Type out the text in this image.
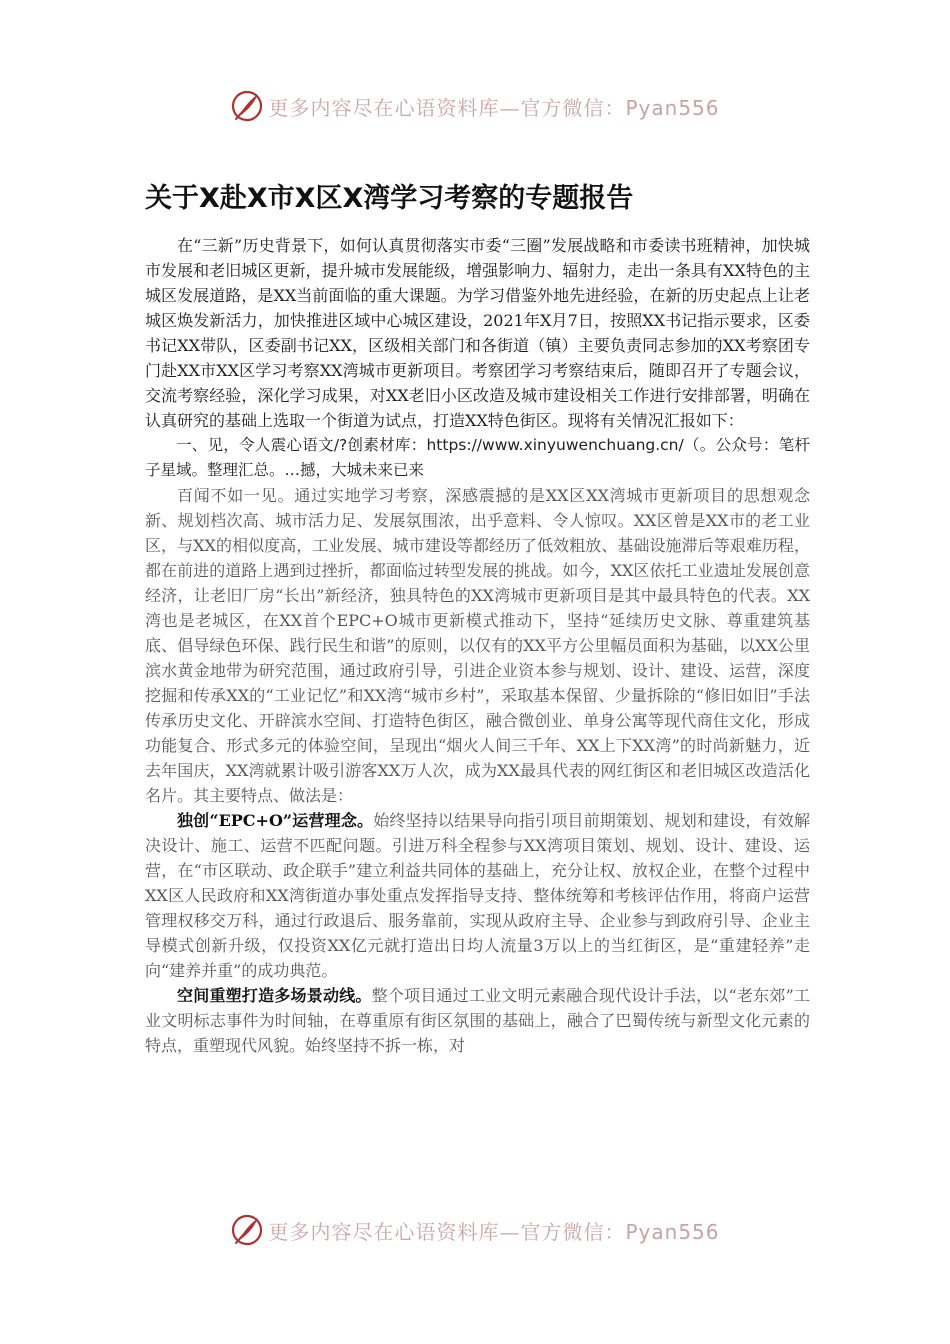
更多内容尽在心语资料库—官方微信：Pyan556
关于X赴X市X区X湾学习考察的专题报告

在“三新”历史背景下，如何认真贯彻落实市委“三圈”发展战略和市委读书班精神，加快城市发展和老旧城区更新，提升城市发展能级，增强影响力、辐射力，走出一条具有XX特色的主城区发展道路，是XX当前面临的重大课题。为学习借鉴外地先进经验，在新的历史起点上让老城区焕发新活力，加快推进区域中心城区建设，2021年X月7日，按照XX书记指示要求，区委书记XX带队，区委副书记XX，区级相关部门和各街道（镇）主要负责同志参加的XX考察团专门赴XX市XX区学习考察XX湾城市更新项目。考察团学习考察结束后，随即召开了专题会议，交流考察经验，深化学习成果，对XX老旧小区改造及城市建设相关工作进行安排部署，明确在认真研究的基础上选取一个街道为试点，打造XX特色街区。现将有关情况汇报如下：

一、见，令人震心语文/?创素材库：https://www.xinyuwenchuang.cn/（。公众号：笔杆子星域。整理汇总。…撼，大城未来已来

百闻不如一见。通过实地学习考察，深感震撼的是XX区XX湾城市更新项目的思想观念新、规划档次高、城市活力足、发展氛围浓，出乎意料、令人惊叹。XX区曾是XX市的老工业区，与XX的相似度高，工业发展、城市建设等都经历了低效粗放、基础设施滞后等艰难历程，都在前进的道路上遇到过挫折，都面临过转型发展的挑战。如今，XX区依托工业遗址发展创意经济，让老旧厂房“长出”新经济，独具特色的XX湾城市更新项目是其中最具特色的代表。XX湾也是老城区，在XX首个EPC+O城市更新模式推动下，坚持“延续历史文脉、尊重建筑基底、倡导绿色环保、践行民生和谐”的原则，以仅有的XX平方公里幅员面积为基础，以XX公里滨水黄金地带为研究范围，通过政府引导，引进企业资本参与规划、设计、建设、运营，深度挖掘和传承XX的“工业记忆”和XX湾“城市乡村”，采取基本保留、少量拆除的“修旧如旧”手法传承历史文化、开辟滨水空间、打造特色街区，融合微创业、单身公寓等现代商住文化，形成功能复合、形式多元的体验空间，呈现出“烟火人间三千年、XX上下XX湾”的时尚新魅力，近去年国庆，XX湾就累计吸引游客XX万人次，成为XX最具代表的网红街区和老旧城区改造活化名片。其主要特点、做法是：

独创“EPC+O”运营理念。始终坚持以结果导向指引项目前期策划、规划和建设，有效解决设计、施工、运营不匹配问题。引进万科全程参与XX湾项目策划、规划、设计、建设、运营，在“市区联动、政企联手”建立利益共同体的基础上，充分让权、放权企业，在整个过程中XX区人民政府和XX湾街道办事处重点发挥指导支持、整体统筹和考核评估作用，将商户运营管理权移交万科，通过行政退后、服务靠前，实现从政府主导、企业参与到政府引导、企业主导模式创新升级，仅投资XX亿元就打造出日均人流量3万以上的当红街区，是“重建轻养”走向“建养并重”的成功典范。

空间重塑打造多场景动线。整个项目通过工业文明元素融合现代设计手法，以“老东郊”工业文明标志事件为时间轴，在尊重原有街区氛围的基础上，融合了巴蜀传统与新型文化元素的特点，重塑现代风貌。始终坚持不拆一栋，对

更多内容尽在心语资料库—官方微信：Pyan556
